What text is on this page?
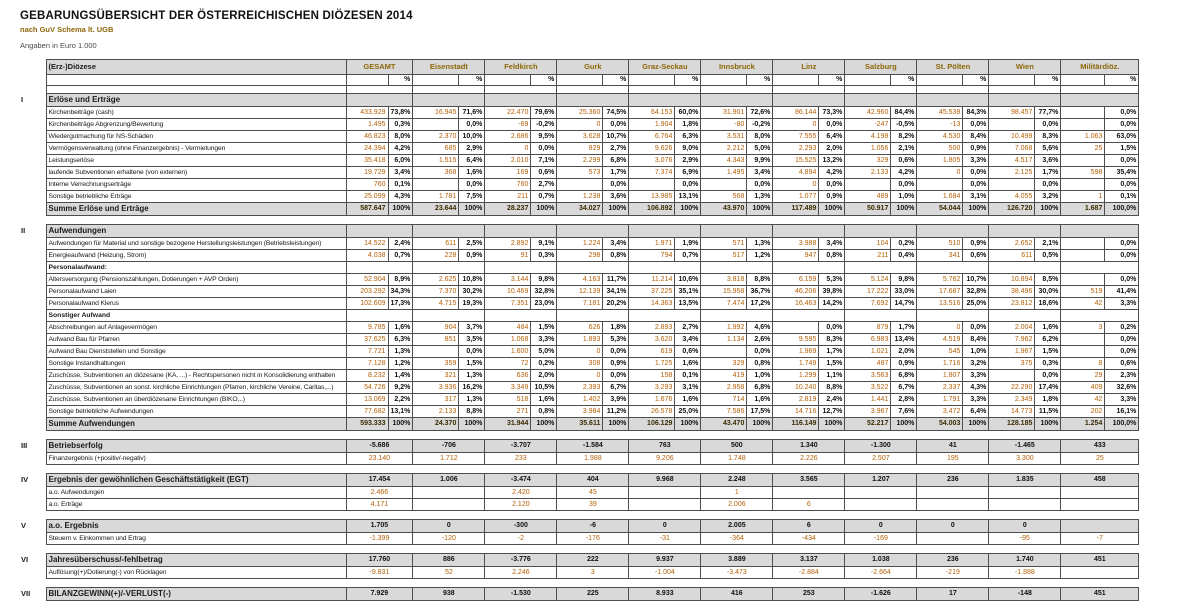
GEBARUNGSÜBERSICHT DER ÖSTERREICHISCHEN DIÖZESEN 2014
nach GuV Schema lt. UGB
Angaben in Euro 1.000
	(Erz-)Diözese	GESAMT		Eisenstadt		Feldkirch		Gurk		Graz-Seckau		Innsbruck		Linz		Salzburg		St. Pölten		Wien		Militärdiöz.	
			%		%		%		%		%		%		%		%		%		%		%

I	Erlöse und Erträge																						
	Kirchenbeiträge (cash)	433.929	73,8%	16.945	71,6%	22.470	79,6%	25.360	74,5%	64.153	60,0%	31.901	72,6%	86.144	73,3%	42.960	84,4%	45.538	84,3%	98.457	77,7%		0,0%
	Kirchenbeiträge Abgrenzung/Bewertung	1.495	0,3%		0,0%	-69	-0,2%	0	0,0%	1.904	1,8%	-80	-0,2%	0	0,0%	-247	-0,5%	-13	0,0%		0,0%		0,0%
	Wiedergutmachung für NS-Schäden	46.823	8,0%	2.370	10,0%	2.686	9,5%	3.628	10,7%	6.764	6,3%	3.531	8,0%	7.555	6,4%	4.198	8,2%	4.530	8,4%	10.498	8,3%	1.063	63,0%
	Vermögensverwaltung (ohne Finanzergebnis) - Vermietungen	24.394	4,2%	685	2,9%	0	0,0%	929	2,7%	9.626	9,0%	2.212	5,0%	2.293	2,0%	1.056	2,1%	500	0,9%	7.068	5,6%	25	1,5%
	Leistungserlöse	35.418	6,0%	1.515	6,4%	2.010	7,1%	2.299	6,8%	3.076	2,9%	4.343	9,9%	15.525	13,2%	329	0,6%	1.805	3,3%	4.517	3,6%		0,0%
	laufende Subventionen erhaltene (von externen)	19.729	3,4%	368	1,6%	169	0,6%	573	1,7%	7.374	6,9%	1.495	3,4%	4.894	4,2%	2.133	4,2%	0	0,0%	2.125	1,7%	598	35,4%
	Interne Verrechnungserträge	760	0,1%		0,0%	760	2,7%		0,0%		0,0%		0,0%	0	0,0%		0,0%		0,0%		0,0%		0,0%
	Sonstige betriebliche Erträge	25.099	4,3%	1.781	7,5%	211	0,7%	1.238	3,6%	13.985	13,1%	568	1,3%	1.077	0,9%	489	1,0%	1.684	3,1%	4.055	3,2%	1	0,1%
	Summe Erlöse und Erträge	587.647	100%	23.644	100%	28.237	100%	34.027	100%	106.892	100%	43.970	100%	117.489	100%	50.917	100%	54.044	100%	126.720	100%	1.687	100,0%

II	Aufwendungen																						
	Aufwendungen für Material und sonstige bezogene Herstellungsleistungen (Betriebsleistungen)	14.522	2,4%	611	2,5%	2.892	9,1%	1.224	3,4%	1.971	1,9%	571	1,3%	3.988	3,4%	104	0,2%	510	0,9%	2.652	2,1%		0,0%
	Energieaufwand (Heizung, Strom)	4.038	0,7%	228	0,9%	91	0,3%	298	0,8%	794	0,7%	517	1,2%	947	0,8%	211	0,4%	341	0,6%	611	0,5%		0,0%
	Personalaufwand:																						
	Altersversorgung (Pensionszahlungen, Dotierungen + AVP Orden)	52.904	8,9%	2.625	10,8%	3.144	9,8%	4.163	11,7%	11.214	10,6%	3.818	8,8%	6.159	5,3%	5.124	9,8%	5.762	10,7%	10.894	8,5%		0,0%
	Personalaufwand Laien	203.292	34,3%	7.370	30,2%	10.469	32,8%	12.139	34,1%	37.225	35,1%	15.958	36,7%	46.206	39,8%	17.222	33,0%	17.687	32,8%	38.496	30,0%	519	41,4%
	Personalaufwand Klerus	102.609	17,3%	4.715	19,3%	7.351	23,0%	7.181	20,2%	14.363	13,5%	7.474	17,2%	16.463	14,2%	7.692	14,7%	13.516	25,0%	23.812	18,6%	42	3,3%
	Sonstiger Aufwand																						
	Abschreibungen auf Anlagevermögen	9.785	1,6%	904	3,7%	484	1,5%	626	1,8%	2.893	2,7%	1.992	4,6%		0,0%	879	1,7%	0	0,0%	2.004	1,6%	3	0,2%
	Aufwand Bau für Pfarren	37.625	6,3%	851	3,5%	1.068	3,3%	1.893	5,3%	3.620	3,4%	1.134	2,6%	9.595	8,3%	6.983	13,4%	4.519	8,4%	7.962	6,2%		0,0%
	Aufwand Bau Dienststellen und Sonstige	7.721	1,3%		0,0%	1.600	5,0%	0	0,0%	619	0,6%		0,0%	1.969	1,7%	1.021	2,0%	545	1,0%	1.967	1,5%		0,0%
	Sonstige Instandhaltungen	7.128	1,2%	359	1,5%	72	0,2%	308	0,9%	1.725	1,6%	329	0,8%	1.749	1,5%	487	0,9%	1.716	3,2%	375	0,3%	8	0,6%
	Zuschüsse, Subventionen an diözesane (KA, ...) - Rechtspersonen nicht in Konsolidierung enthalten	8.232	1,4%	321	1,3%	636	2,0%	0	0,0%	158	0,1%	419	1,0%	1.299	1,1%	3.563	6,8%	1.807	3,3%		0,0%	29	2,3%
	Zuschüsse, Subventionen an sonst. kirchliche Einrichtungen (Pfarren, kirchliche Vereine, Caritas,...)	54.726	9,2%	3.936	16,2%	3.349	10,5%	2.393	6,7%	3.293	3,1%	2.958	6,8%	10.240	8,8%	3.522	6,7%	2.337	4,3%	22.290	17,4%	409	32,6%
	Zuschüsse, Subventionen an überdiözesane Einrichtungen (BIKO,..)	13.069	2,2%	317	1,3%	518	1,6%	1.402	3,9%	1.676	1,6%	714	1,6%	2.819	2,4%	1.441	2,8%	1.791	3,3%	2.349	1,8%	42	3,3%
	Sonstige betriebliche Aufwendungen	77.682	13,1%	2.133	8,8%	271	0,8%	3.984	11,2%	26.578	25,0%	7.586	17,5%	14.716	12,7%	3.967	7,6%	3.472	6,4%	14.773	11,5%	202	16,1%
	Summe Aufwendungen	593.333	100%	24.370	100%	31.944	100%	35.611	100%	106.129	100%	43.470	100%	116.149	100%	52.217	100%	54.003	100%	128.185	100%	1.254	100,0%

III	Betriebserfolg	-5.686		-706		-3.707		-1.584		763		500		1.340		-1.300		41		-1.465		433	
	Finanzergebnis (+positiv/-negativ)	23.140		1.712		233		1.988		9.206		1.748		2.226		2.507		195		3.300		25	

IV	Ergebnis der gewöhnlichen Geschäftstätigkeit (EGT)	17.454		1.006		-3.474		404		9.968		2.248		3.565		1.207		236		1.835		458	
	a.o. Aufwendungen	2.466				2.420		45				1											
	a.o. Erträge	4.171				2.120		39				2.006		6									

V	a.o. Ergebnis	1.705		0		-300		-6		0		2.005		6		0		0		0			
	Steuern v. Einkommen und Ertrag	-1.399		-120		-2		-176		-31		-364		-434		-169				-95		-7	

VI	Jahresüberschuss/-fehlbetrag	17.760		886		-3.776		222		9.937		3.889		3.137		1.038		236		1.740		451	
	Auflösung(+)/Dotierung(-) von Rücklagen	-9.831		52		2.246		3		-1.004		-3.473		-2.884		-2.664		-219		-1.888			

VII	BILANZGEWINN(+)/-VERLUST(-)	7.929		938		-1.530		225		8.933		416		253		-1.626		17		-148		451	
